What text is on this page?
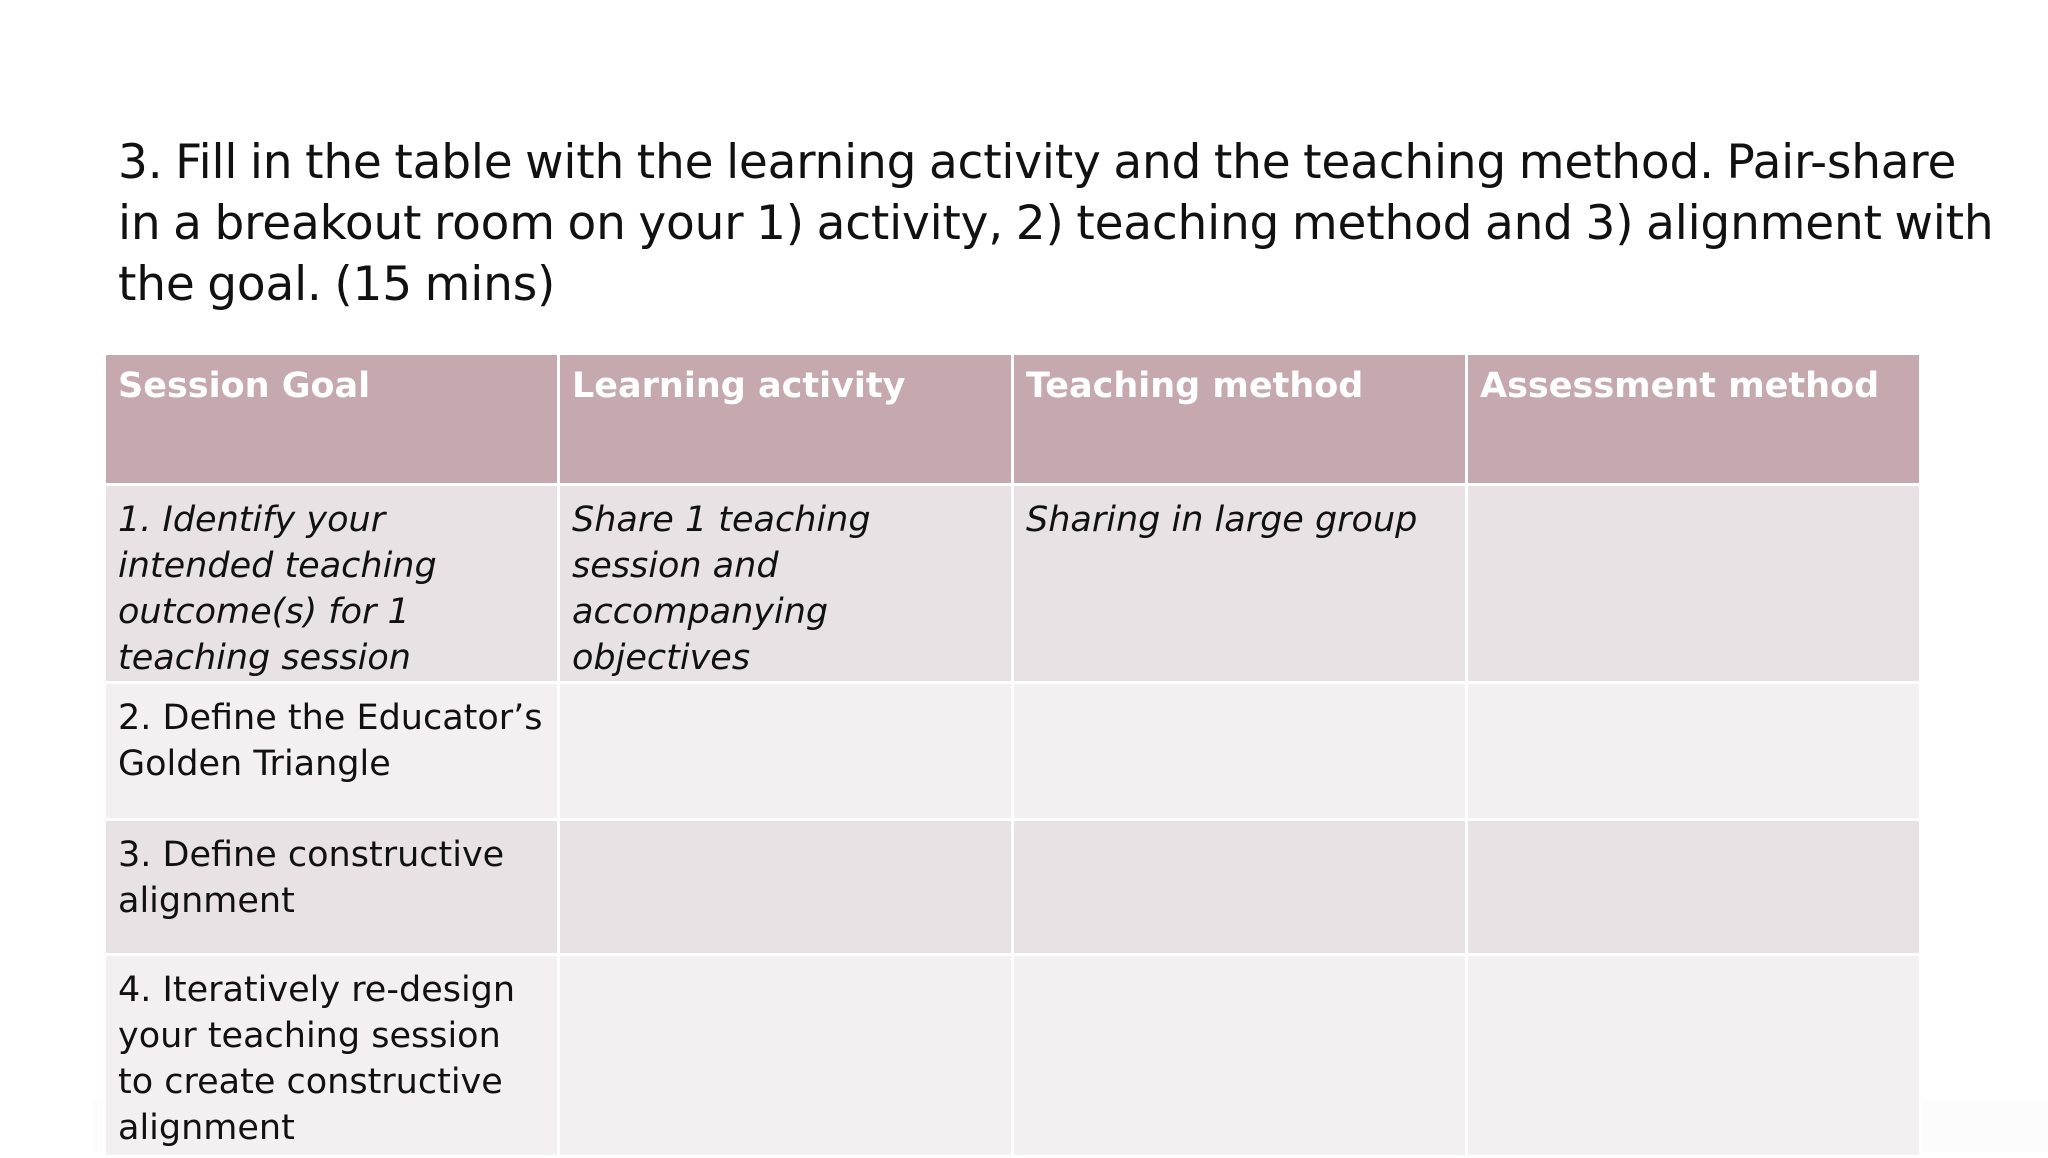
3. Fill in the table with the learning activity and the teaching method. Pair-share in a breakout room on your 1) activity, 2) teaching method and 3) alignment with the goal. (15 mins)
Session Goal	Learning activity	Teaching method	Assessment method
1. Identify your intended teaching outcome(s) for 1 teaching session	Share 1 teaching session and accompanying objectives	Sharing in large group	
2. Define the Educator’s Golden Triangle			
3. Define constructive alignment			
4. Iteratively re-design your teaching session to create constructive alignment			
